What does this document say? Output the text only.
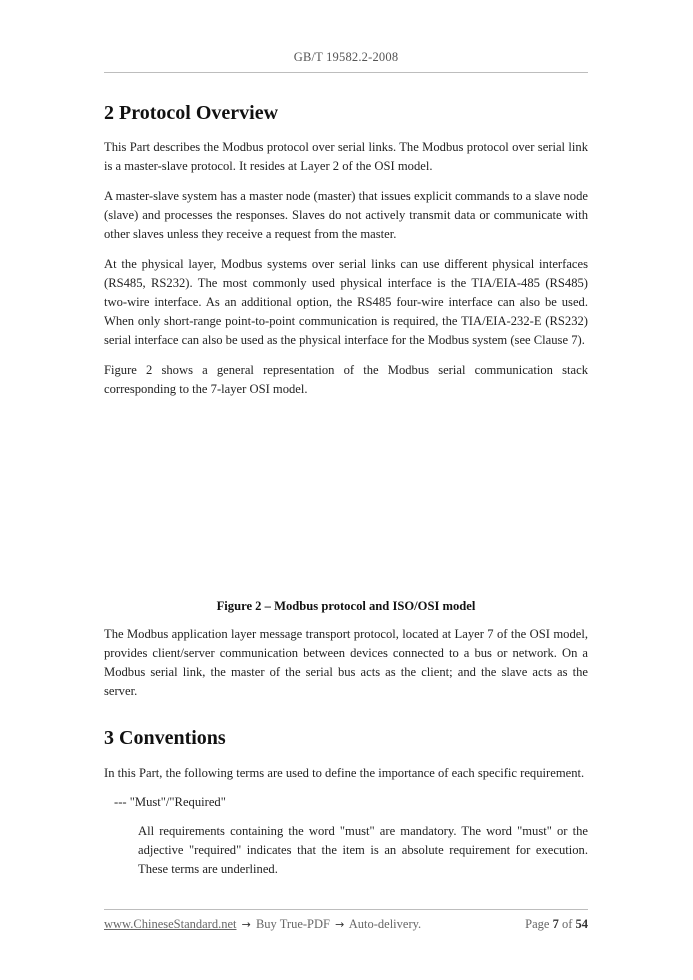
GB/T 19582.2-2008
2 Protocol Overview

This Part describes the Modbus protocol over serial links. The Modbus protocol over serial link is a master-slave protocol. It resides at Layer 2 of the OSI model.

A master-slave system has a master node (master) that issues explicit commands to a slave node (slave) and processes the responses. Slaves do not actively transmit data or communicate with other slaves unless they receive a request from the master.

At the physical layer, Modbus systems over serial links can use different physical interfaces (RS485, RS232). The most commonly used physical interface is the TIA/EIA-485 (RS485) two-wire interface. As an additional option, the RS485 four-wire interface can also be used. When only short-range point-to-point communication is required, the TIA/EIA-232-E (RS232) serial interface can also be used as the physical interface for the Modbus system (see Clause 7).

Figure 2 shows a general representation of the Modbus serial communication stack corresponding to the 7-layer OSI model.

Figure 2 – Modbus protocol and ISO/OSI model

The Modbus application layer message transport protocol, located at Layer 7 of the OSI model, provides client/server communication between devices connected to a bus or network. On a Modbus serial link, the master of the serial bus acts as the client; and the slave acts as the server.

3 Conventions

In this Part, the following terms are used to define the importance of each specific requirement.

--- "Must"/"Required"

All requirements containing the word "must" are mandatory. The word "must" or the adjective "required" indicates that the item is an absolute requirement for execution. These terms are underlined.

www.ChineseStandard.net → Buy True-PDF → Auto-delivery.	Page 7 of 54
